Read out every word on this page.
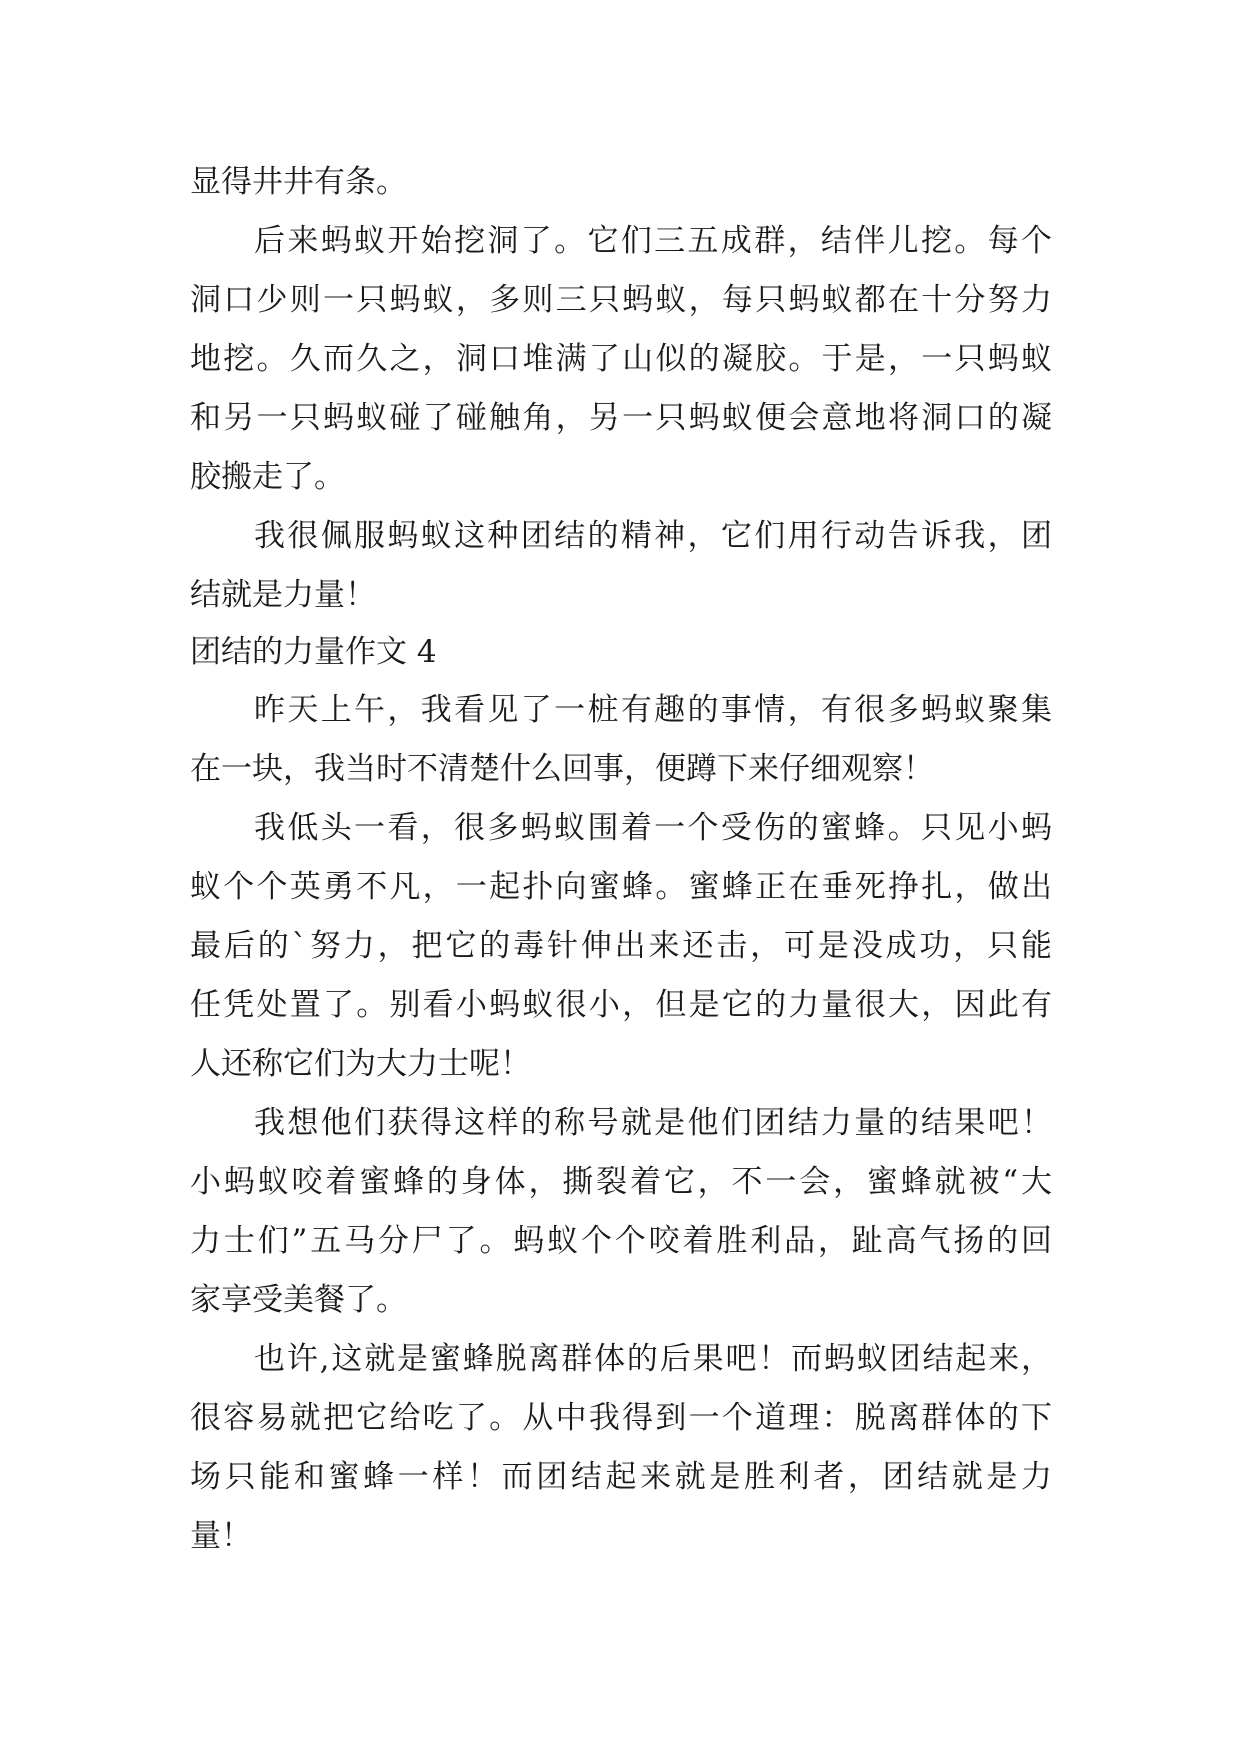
显得井井有条。
后来蚂蚁开始挖洞了。它们三五成群，结伴儿挖。每个
洞口少则一只蚂蚁，多则三只蚂蚁，每只蚂蚁都在十分努力
地挖。久而久之，洞口堆满了山似的凝胶。于是，一只蚂蚁
和另一只蚂蚁碰了碰触角，另一只蚂蚁便会意地将洞口的凝
胶搬走了。
我很佩服蚂蚁这种团结的精神，它们用行动告诉我，团
结就是力量！
团结的力量作文 4
昨天上午，我看见了一桩有趣的事情，有很多蚂蚁聚集
在一块，我当时不清楚什么回事，便蹲下来仔细观察！
我低头一看，很多蚂蚁围着一个受伤的蜜蜂。只见小蚂
蚁个个英勇不凡，一起扑向蜜蜂。蜜蜂正在垂死挣扎，做出
最后的`努力，把它的毒针伸出来还击，可是没成功，只能
任凭处置了。别看小蚂蚁很小，但是它的力量很大，因此有
人还称它们为大力士呢！
我想他们获得这样的称号就是他们团结力量的结果吧！
小蚂蚁咬着蜜蜂的身体，撕裂着它，不一会，蜜蜂就被“大
力士们”五马分尸了。蚂蚁个个咬着胜利品，趾高气扬的回
家享受美餐了。
也许,这就是蜜蜂脱离群体的后果吧！而蚂蚁团结起来，
很容易就把它给吃了。从中我得到一个道理：脱离群体的下
场只能和蜜蜂一样！而团结起来就是胜利者，团结就是力
量！
